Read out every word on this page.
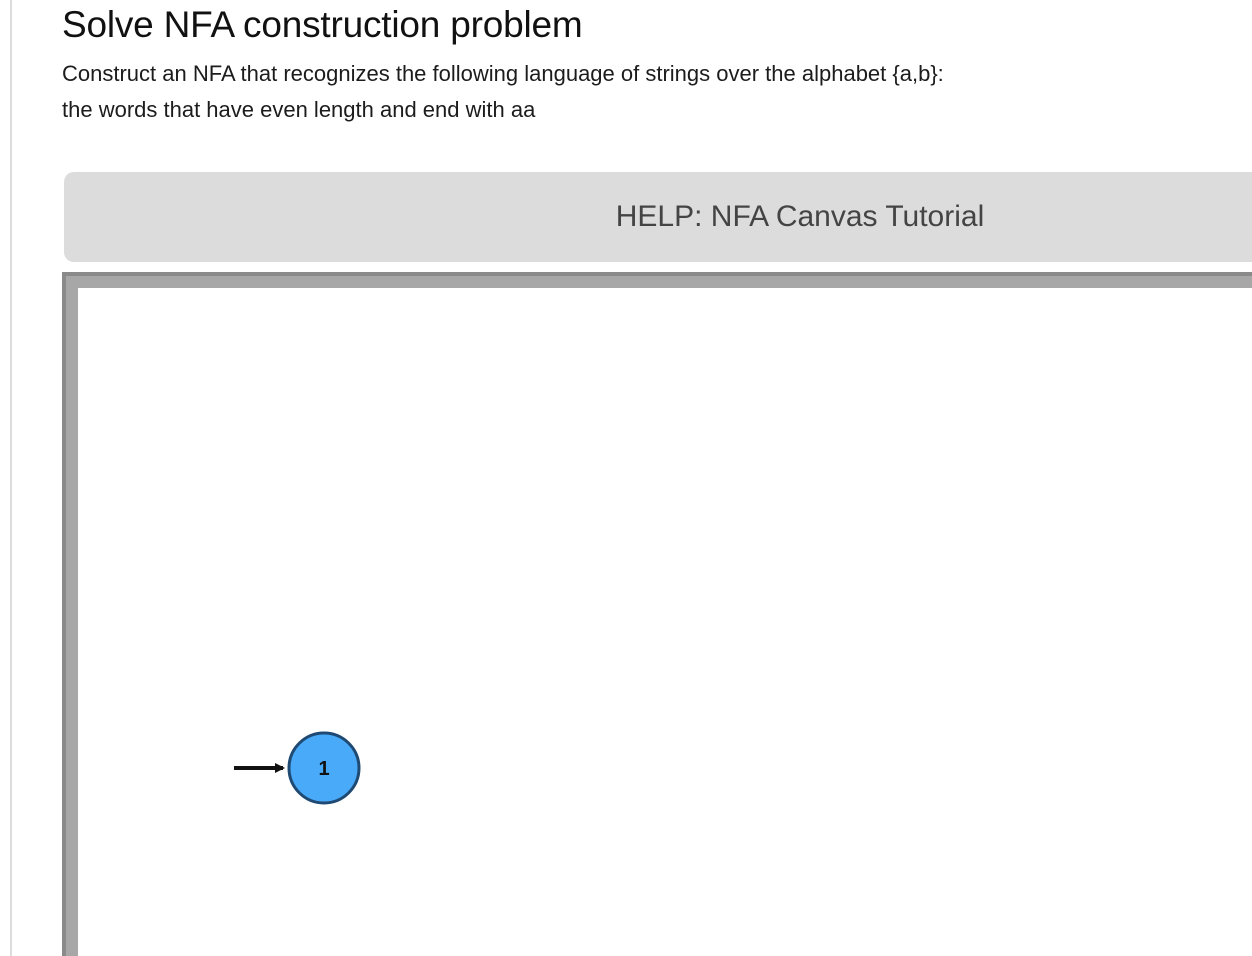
Solve NFA construction problem
Construct an NFA that recognizes the following language of strings over the alphabet {a,b}:
the words that have even length and end with aa
HELP: NFA Canvas Tutorial
1
